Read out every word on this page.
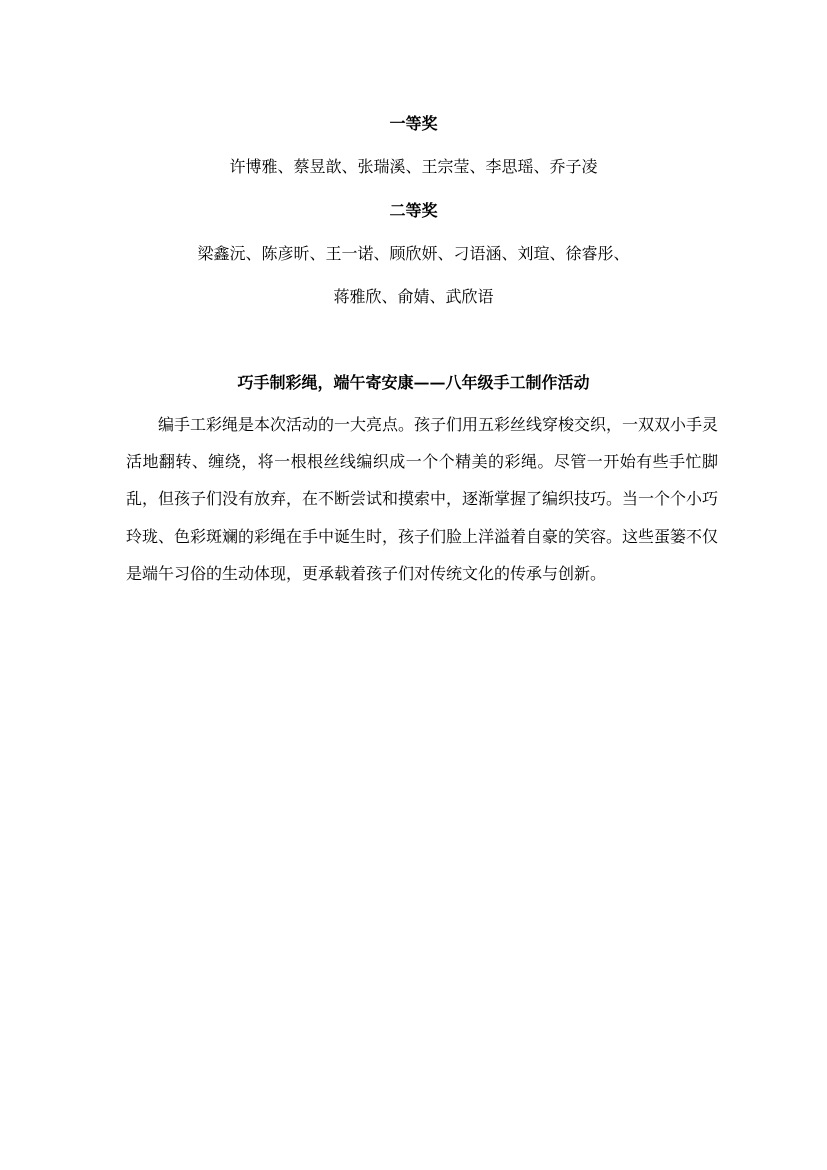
一等奖
许博雅、蔡昱歆、张瑞溪、王宗莹、李思瑶、乔子凌
二等奖
梁鑫沅、陈彦昕、王一诺、顾欣妍、刁语涵、刘瑄、徐睿彤、
蒋雅欣、俞婧、武欣语
巧手制彩绳，端午寄安康——八年级手工制作活动

编手工彩绳是本次活动的一大亮点。孩子们用五彩丝线穿梭交织，一双双小手灵活地翻转、缠绕，将一根根丝线编织成一个个精美的彩绳。尽管一开始有些手忙脚乱，但孩子们没有放弃，在不断尝试和摸索中，逐渐掌握了编织技巧。当一个个小巧玲珑、色彩斑斓的彩绳在手中诞生时，孩子们脸上洋溢着自豪的笑容。这些蛋篓不仅是端午习俗的生动体现，更承载着孩子们对传统文化的传承与创新。
